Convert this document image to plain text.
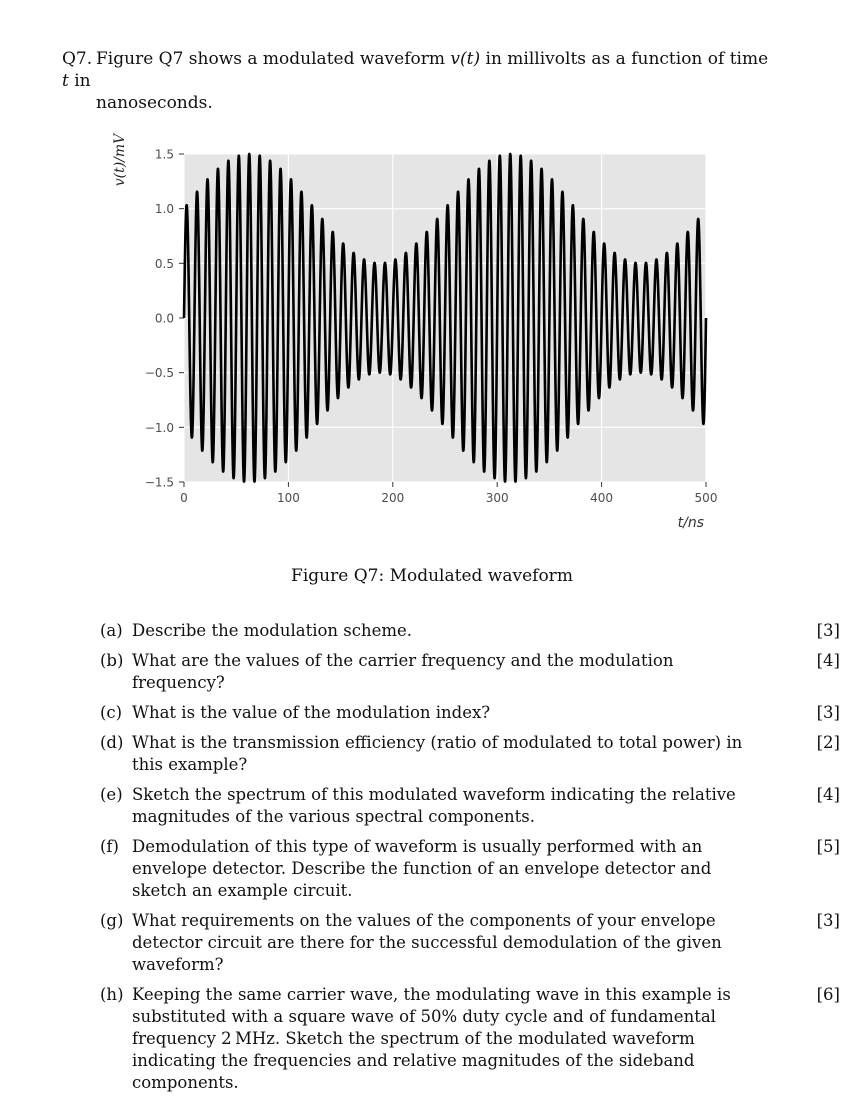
Q7. Figure Q7 shows a modulated waveform v(t) in millivolts as a function of time t in
nanoseconds.
v(t)/mV 1.5
1.0
0.5
0.0
−0.5
−1.0
−1.5
0	100	200	300	400	500
t/ns
Figure Q7: Modulated waveform
(a) Describe the modulation scheme.	[3]
(b) What are the values of the carrier frequency and the modulation frequency?
[4]
(c) What is the value of the modulation index?	[3]
(d) What is the transmission efficiency (ratio of modulated to total power) in this example?
[2]
(e) Sketch the spectrum of this modulated waveform indicating the relative magnitudes of the various spectral components.
[4]
(f) Demodulation of this type of waveform is usually performed with an envelope detector. Describe the function of an envelope detector and sketch an example circuit.
[5]
(g) What requirements on the values of the components of your envelope detector circuit are there for the successful demodulation of the given waveform?
[3]
(h) Keeping the same carrier wave, the modulating wave in this example is substituted with a square wave of 50% duty cycle and of fundamental frequency 2 MHz. Sketch the spectrum of the modulated waveform indicating the frequencies and relative magnitudes of the sideband components.
[6]
